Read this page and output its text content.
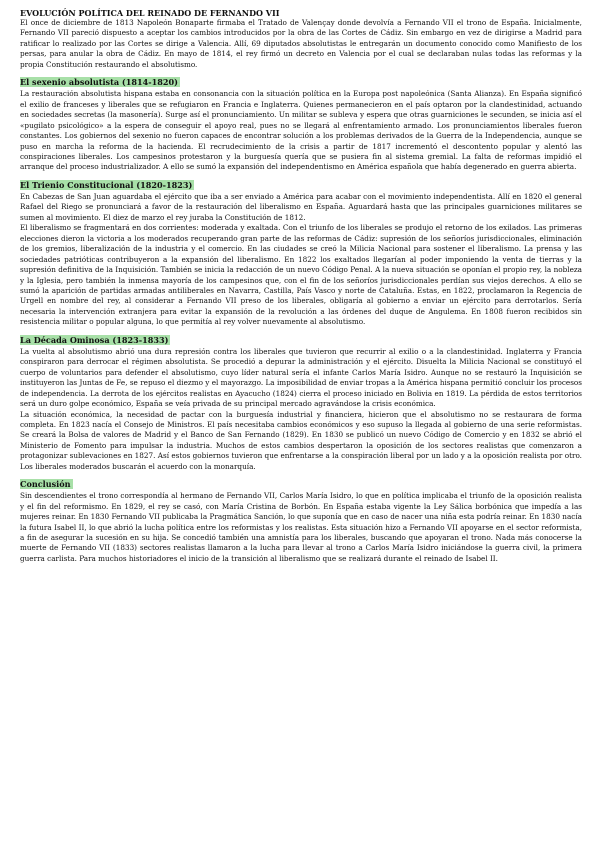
EVOLUCIÓN POLÍTICA DEL REINADO DE FERNANDO VII

El once de diciembre de 1813 Napoleón Bonaparte firmaba el Tratado de Valençay donde devolvía a Fernando VII el trono de España. Inicialmente, Fernando VII pareció dispuesto a aceptar los cambios introducidos por la obra de las Cortes de Cádiz. Sin embargo en vez de dirigirse a Madrid para ratificar lo realizado por las Cortes se dirige a Valencia. Allí, 69 diputados absolutistas le entregarán un documento conocido como Manifiesto de los persas, para anular la obra de Cádiz. En mayo de 1814, el rey firmó un decreto en Valencia por el cual se declaraban nulas todas las reformas y la propia Constitución restaurando el absolutismo.

El sexenio absolutista (1814-1820)

La restauración absolutista hispana estaba en consonancia con la situación política en la Europa post napoleónica (Santa Alianza). En España significó el exilio de franceses y liberales que se refugiaron en Francia e Inglaterra. Quienes permanecieron en el país optaron por la clandestinidad, actuando en sociedades secretas (la masonería). Surge así el pronunciamiento. Un militar se subleva y espera que otras guarniciones le secunden, se inicia así el «pugilato psicológico» a la espera de conseguir el apoyo real, pues no se llegará al enfrentamiento armado. Los pronunciamientos liberales fueron constantes. Los gobiernos del sexenio no fueron capaces de encontrar solución a los problemas derivados de la Guerra de la Independencia, aunque se puso en marcha la reforma de la hacienda. El recrudecimiento de la crisis a partir de 1817 incrementó el descontento popular y alentó las conspiraciones liberales. Los campesinos protestaron y la burguesía quería que se pusiera fin al sistema gremial. La falta de reformas impidió el arranque del proceso industrializador. A ello se sumó la expansión del independentismo en América española que había degenerado en guerra abierta.

El Trienio Constitucional (1820-1823)

En Cabezas de San Juan aguardaba el ejército que iba a ser enviado a América para acabar con el movimiento independentista. Allí en 1820 el general Rafael del Riego se pronunciará a favor de la restauración del liberalismo en España. Aguardará hasta que las principales guarniciones militares se sumen al movimiento. El diez de marzo el rey juraba la Constitución de 1812.

El liberalismo se fragmentará en dos corrientes: moderada y exaltada. Con el triunfo de los liberales se produjo el retorno de los exilados. Las primeras elecciones dieron la victoria a los moderados recuperando gran parte de las reformas de Cádiz: supresión de los señoríos jurisdiccionales, eliminación de los gremios, liberalización de la industria y el comercio. En las ciudades se creó la Milicia Nacional para sostener el liberalismo. La prensa y las sociedades patrióticas contribuyeron a la expansión del liberalismo. En 1822 los exaltados llegarían al poder imponiendo la venta de tierras y la supresión definitiva de la Inquisición. También se inicia la redacción de un nuevo Código Penal. A la nueva situación se oponían el propio rey, la nobleza y la Iglesia, pero también la inmensa mayoría de los campesinos que, con el fin de los señoríos jurisdiccionales perdían sus viejos derechos. A ello se sumó la aparición de partidas armadas antiliberales en Navarra, Castilla, País Vasco y norte de Cataluña. Estas, en 1822, proclamaron la Regencia de Urgell en nombre del rey, al considerar a Fernando VII preso de los liberales, obligaría al gobierno a enviar un ejército para derrotarlos. Sería necesaria la intervención extranjera para evitar la expansión de la revolución a las órdenes del duque de Angulema. En 1808 fueron recibidos sin resistencia militar o popular alguna, lo que permitía al rey volver nuevamente al absolutismo.

La Década Ominosa (1823-1833)

La vuelta al absolutismo abrió una dura represión contra los liberales que tuvieron que recurrir al exilio o a la clandestinidad. Inglaterra y Francia conspiraron para derrocar el régimen absolutista. Se procedió a depurar la administración y el ejército. Disuelta la Milicia Nacional se constituyó el cuerpo de voluntarios para defender el absolutismo, cuyo líder natural sería el infante Carlos María Isidro. Aunque no se restauró la Inquisición se instituyeron las Juntas de Fe, se repuso el diezmo y el mayorazgo. La imposibilidad de enviar tropas a la América hispana permitió concluir los procesos de independencia. La derrota de los ejércitos realistas en Ayacucho (1824) cierra el proceso iniciado en Bolivia en 1819. La pérdida de estos territorios será un duro golpe económico, España se veía privada de su principal mercado agravándose la crisis económica.

La situación económica, la necesidad de pactar con la burguesía industrial y financiera, hicieron que el absolutismo no se restaurara de forma completa. En 1823 nacía el Consejo de Ministros. El país necesitaba cambios económicos y eso supuso la llegada al gobierno de una serie reformistas. Se creará la Bolsa de valores de Madrid y el Banco de San Fernando (1829). En 1830 se publicó un nuevo Código de Comercio y en 1832 se abrió el Ministerio de Fomento para impulsar la industria. Muchos de estos cambios despertaron la oposición de los sectores realistas que comenzaron a protagonizar sublevaciones en 1827. Así estos gobiernos tuvieron que enfrentarse a la conspiración liberal por un lado y a la oposición realista por otro. Los liberales moderados buscarán el acuerdo con la monarquía.

Conclusión

Sin descendientes el trono correspondía al hermano de Fernando VII, Carlos María Isidro, lo que en política implicaba el triunfo de la oposición realista y el fin del reformismo. En 1829, el rey se casó, con María Cristina de Borbón. En España estaba vigente la Ley Sálica borbónica que impedía a las mujeres reinar. En 1830 Fernando VII publicaba la Pragmática Sanción, lo que suponía que en caso de nacer una niña esta podría reinar. En 1830 nacía la futura Isabel II, lo que abrió la lucha política entre los reformistas y los realistas. Esta situación hizo a Fernando VII apoyarse en el sector reformista, a fin de asegurar la sucesión en su hija. Se concedió también una amnistía para los liberales, buscando que apoyaran el trono. Nada más conocerse la muerte de Fernando VII (1833) sectores realistas llamaron a la lucha para llevar al trono a Carlos María Isidro iniciándose la guerra civil, la primera guerra carlista. Para muchos historiadores el inicio de la transición al liberalismo que se realizará durante el reinado de Isabel II.
